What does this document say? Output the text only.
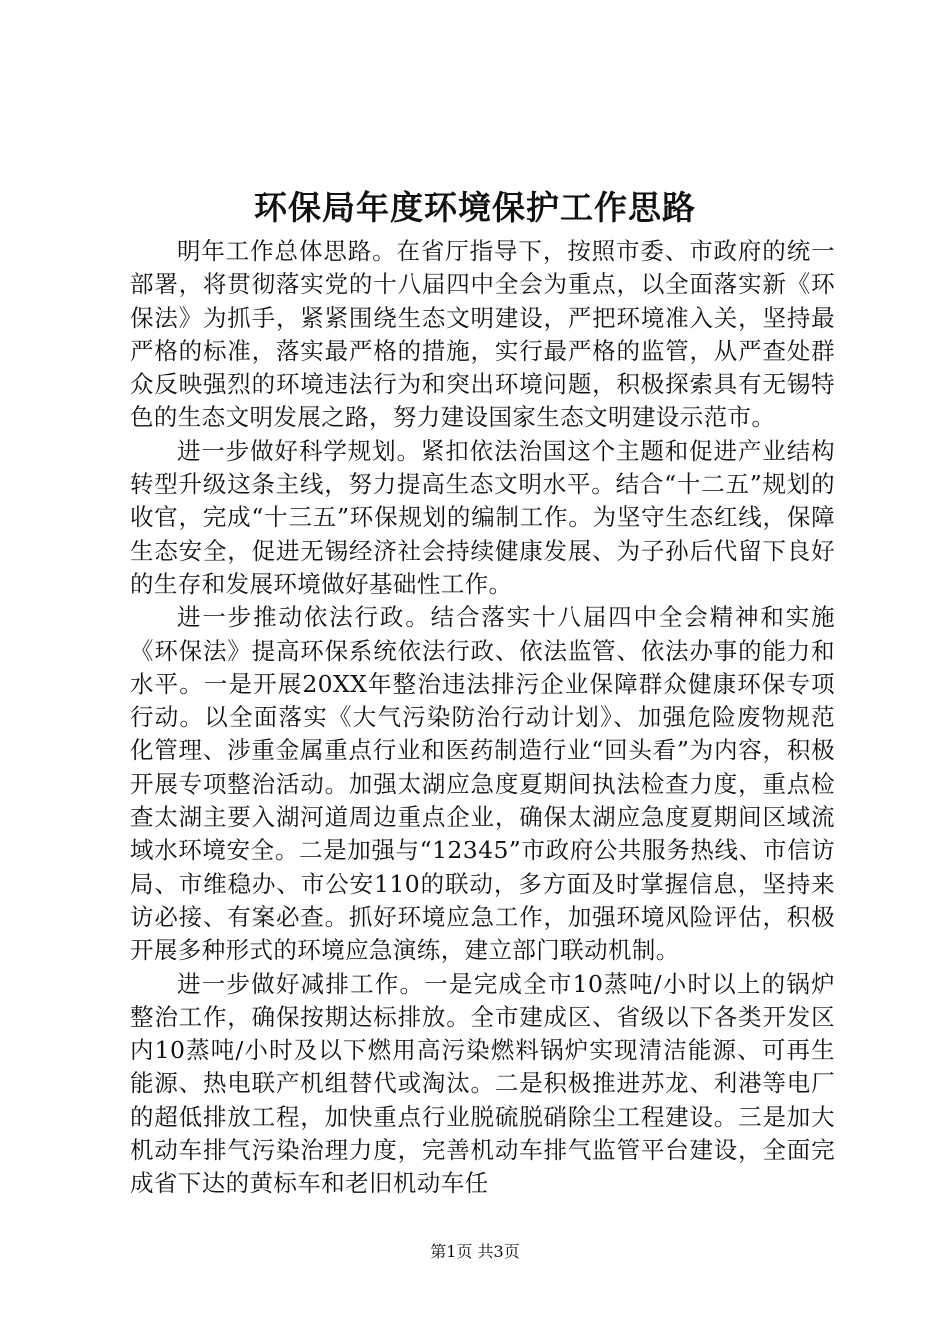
环保局年度环境保护工作思路

明年工作总体思路。在省厅指导下，按照市委、市政府的统一部署，将贯彻落实党的十八届四中全会为重点，以全面落实新《环保法》为抓手，紧紧围绕生态文明建设，严把环境准入关，坚持最严格的标准，落实最严格的措施，实行最严格的监管，从严查处群众反映强烈的环境违法行为和突出环境问题，积极探索具有无锡特色的生态文明发展之路，努力建设国家生态文明建设示范市。

进一步做好科学规划。紧扣依法治国这个主题和促进产业结构转型升级这条主线，努力提高生态文明水平。结合“十二五”规划的收官，完成“十三五”环保规划的编制工作。为坚守生态红线，保障生态安全，促进无锡经济社会持续健康发展、为子孙后代留下良好的生存和发展环境做好基础性工作。

进一步推动依法行政。结合落实十八届四中全会精神和实施《环保法》提高环保系统依法行政、依法监管、依法办事的能力和水平。一是开展20XX年整治违法排污企业保障群众健康环保专项行动。以全面落实《大气污染防治行动计划》、加强危险废物规范化管理、涉重金属重点行业和医药制造行业“回头看”为内容，积极开展专项整治活动。加强太湖应急度夏期间执法检查力度，重点检查太湖主要入湖河道周边重点企业，确保太湖应急度夏期间区域流域水环境安全。二是加强与“12345”市政府公共服务热线、市信访局、市维稳办、市公安110的联动，多方面及时掌握信息，坚持来访必接、有案必查。抓好环境应急工作，加强环境风险评估，积极开展多种形式的环境应急演练，建立部门联动机制。

进一步做好减排工作。一是完成全市10蒸吨/小时以上的锅炉整治工作，确保按期达标排放。全市建成区、省级以下各类开发区内10蒸吨/小时及以下燃用高污染燃料锅炉实现清洁能源、可再生能源、热电联产机组替代或淘汰。二是积极推进苏龙、利港等电厂的超低排放工程，加快重点行业脱硫脱硝除尘工程建设。三是加大机动车排气污染治理力度，完善机动车排气监管平台建设，全面完成省下达的黄标车和老旧机动车任

第1页 共3页
